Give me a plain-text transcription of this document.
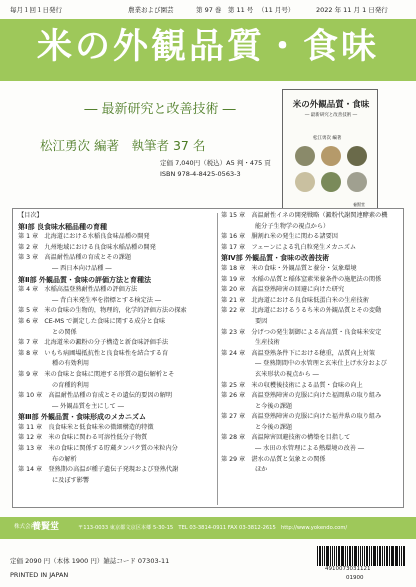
毎月１回１日発行	農業および園芸	第 97 巻　第 11 号 （11 月号）	2022 年 11 月 1 日発行
米の外観品質・食味
― 最新研究と改善技術 ―
松江勇次 編著　執筆者 37 名
定価 7,040円（税込）A5 判・475 頁
ISBN 978-4-8425-0563-3
米の外観品質・食味
― 最新研究と改善技術 ―
松江勇次 編著
養賢堂
【目次】
第Ⅰ部 良食味水稲品種の育種
第 1 章　北海道における水稲良食味品種の開発
第 2 章　九州地域における良食味水稲品種の開発
第 3 章　高温耐性品種の育成とその課題
― 西日本向け品種 ―
第Ⅱ部 外観品質・食味の評価方法と育種法
第 4 章　水稲高温登熟耐性品種の評価方法
― 背白米発生率を指標とする検定法 ―
第 5 章　米の食味の生物的，物理的，化学的評価方法の探索
第 6 章　CE-MS で測定した食味に関する成分と食味
との関係
第 7 章　北海道米の澱粉の分子構造と新食味評価手法
第 8 章　いもち病圃場抵抗性と良食味性を結合する育
種の有効利用
第 9 章　米の食味と食味に関連する形質の遺伝解析とそ
の育種的利用
第 10 章　高温耐性品種の育成とその遺伝的要因の解明
― 外観品質を主にして ―
第Ⅲ部 外観品質・食味形成のメカニズム
第 11 章　良食味米と低食味米の微細構造的特徴
第 12 章　米の食味に関わる可溶性低分子物質
第 13 章　米の食味に関係する貯蔵タンパク質の米粒内分
布の解析
第 14 章　登熟期の高温が種子遺伝子発現および登熟代謝
に及ぼす影響
第 15 章　高温耐性イネの開発戦略（澱粉代謝関連酵素の機
能分子生物学の視点から）
第 16 章　胴割れ米の発生に関わる諸要因
第 17 章　フェーンによる乳白粒発生メカニズム
第Ⅳ部 外観品質・食味の改善技術
第 18 章　米の食味・外観品質と養分・気象環境
第 19 章　水稲の品質と稲体窒素栄養条件の施肥法の関係
第 20 章　高温登熟障害の回避に向けた研究
第 21 章　北海道における良食味低蛋白米の生産技術
第 22 章　北海道におけるうるち米の外観品質とその変動
要因
第 23 章　分げつの発生制御による高品質・良食味米安定
生産技術
第 24 章　高温登熟条件下における穂重，品質向上対策
― 登熟期間中の水管理と玄米仕上げ水分および
玄米形状の視点から ―
第 25 章　米の収穫後技術による品質・食味の向上
第 26 章　高温登熟障害の克服に向けた福岡県の取り組み
と今後の課題
第 27 章　高温登熟障害の克服に向けた福井県の取り組み
と今後の課題
第 28 章　高温障害回避技術の構築を目指して
― 水田の水管理による熱環境の改善 ―
第 29 章　湛水の品質と気象との関係
ほか
株式会社
養賢堂	〒113-0033 東京都文京区本郷 5-30-15　TEL 03-3814-0911 FAX 03-3812-2615　http://www.yokendo.com/
定価 2090 円（本体 1900 円）雑誌コード 07303-11
PRINTED IN JAPAN
4910073031121
01900
